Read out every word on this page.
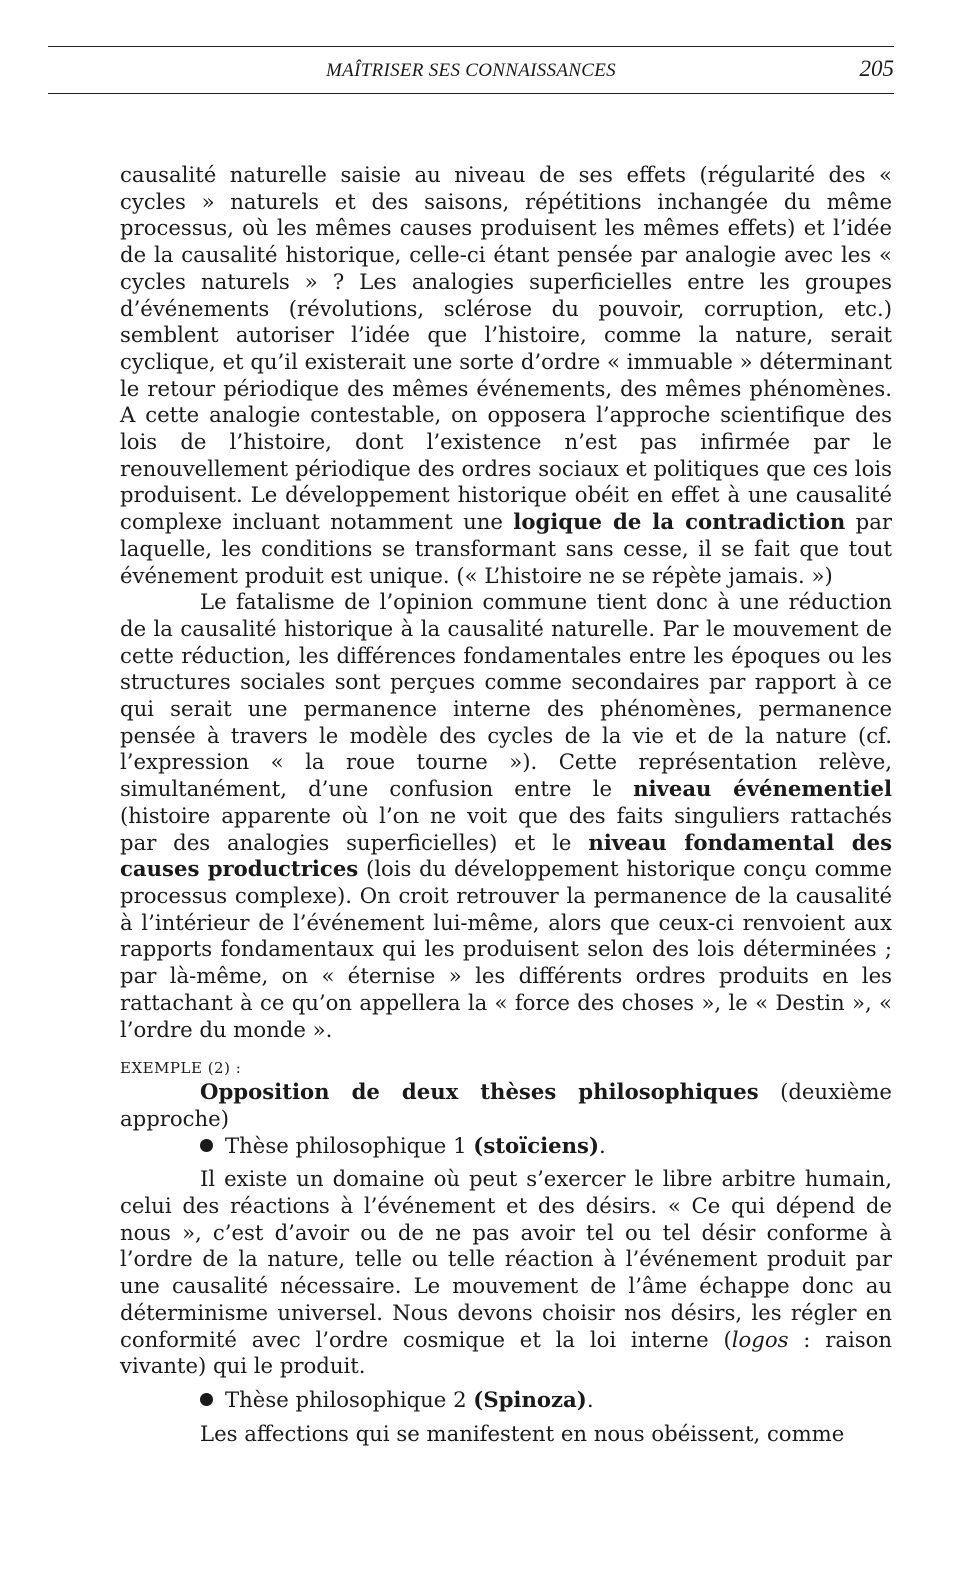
MAÎTRISER SES CONNAISSANCES	205

causalité naturelle saisie au niveau de ses effets (régularité des « cycles » naturels et des saisons, répétitions inchangée du même processus, où les mêmes causes produisent les mêmes effets) et l’idée de la causalité historique, celle-ci étant pensée par analogie avec les « cycles naturels » ? Les analogies superficielles entre les groupes d’événements (révolutions, sclérose du pouvoir, corruption, etc.) semblent autoriser l’idée que l’histoire, comme la nature, serait cyclique, et qu’il existerait une sorte d’ordre « immuable » déterminant le retour périodique des mêmes événements, des mêmes phénomènes. A cette analogie contestable, on opposera l’approche scientifique des lois de l’histoire, dont l’existence n’est pas infirmée par le renouvellement périodique des ordres sociaux et politiques que ces lois produisent. Le développement historique obéit en effet à une causalité complexe incluant notamment une logique de la contradiction par laquelle, les conditions se transformant sans cesse, il se fait que tout événement produit est unique. (« L’histoire ne se répète jamais. »)

Le fatalisme de l’opinion commune tient donc à une réduction de la causalité historique à la causalité naturelle. Par le mouvement de cette réduction, les différences fondamentales entre les époques ou les structures sociales sont perçues comme secondaires par rapport à ce qui serait une permanence interne des phénomènes, permanence pensée à travers le modèle des cycles de la vie et de la nature (cf. l’expression « la roue tourne »). Cette représentation relève, simultanément, d’une confusion entre le niveau événementiel (histoire apparente où l’on ne voit que des faits singuliers rattachés par des analogies superficielles) et le niveau fondamental des causes productrices (lois du développement historique conçu comme processus complexe). On croit retrouver la permanence de la causalité à l’intérieur de l’événement lui-même, alors que ceux-ci renvoient aux rapports fondamentaux qui les produisent selon des lois déterminées ; par là-même, on « éternise » les différents ordres produits en les rattachant à ce qu’on appellera la « force des choses », le « Destin », « l’ordre du monde ».

EXEMPLE (2) :

Opposition de deux thèses philosophiques (deuxième approche)

Thèse philosophique 1 (stoïciens).

Il existe un domaine où peut s’exercer le libre arbitre humain, celui des réactions à l’événement et des désirs. « Ce qui dépend de nous », c’est d’avoir ou de ne pas avoir tel ou tel désir conforme à l’ordre de la nature, telle ou telle réaction à l’événement produit par une causalité nécessaire. Le mouvement de l’âme échappe donc au déterminisme universel. Nous devons choisir nos désirs, les régler en conformité avec l’ordre cosmique et la loi interne (logos : raison vivante) qui le produit.

Thèse philosophique 2 (Spinoza).

Les affections qui se manifestent en nous obéissent, comme
